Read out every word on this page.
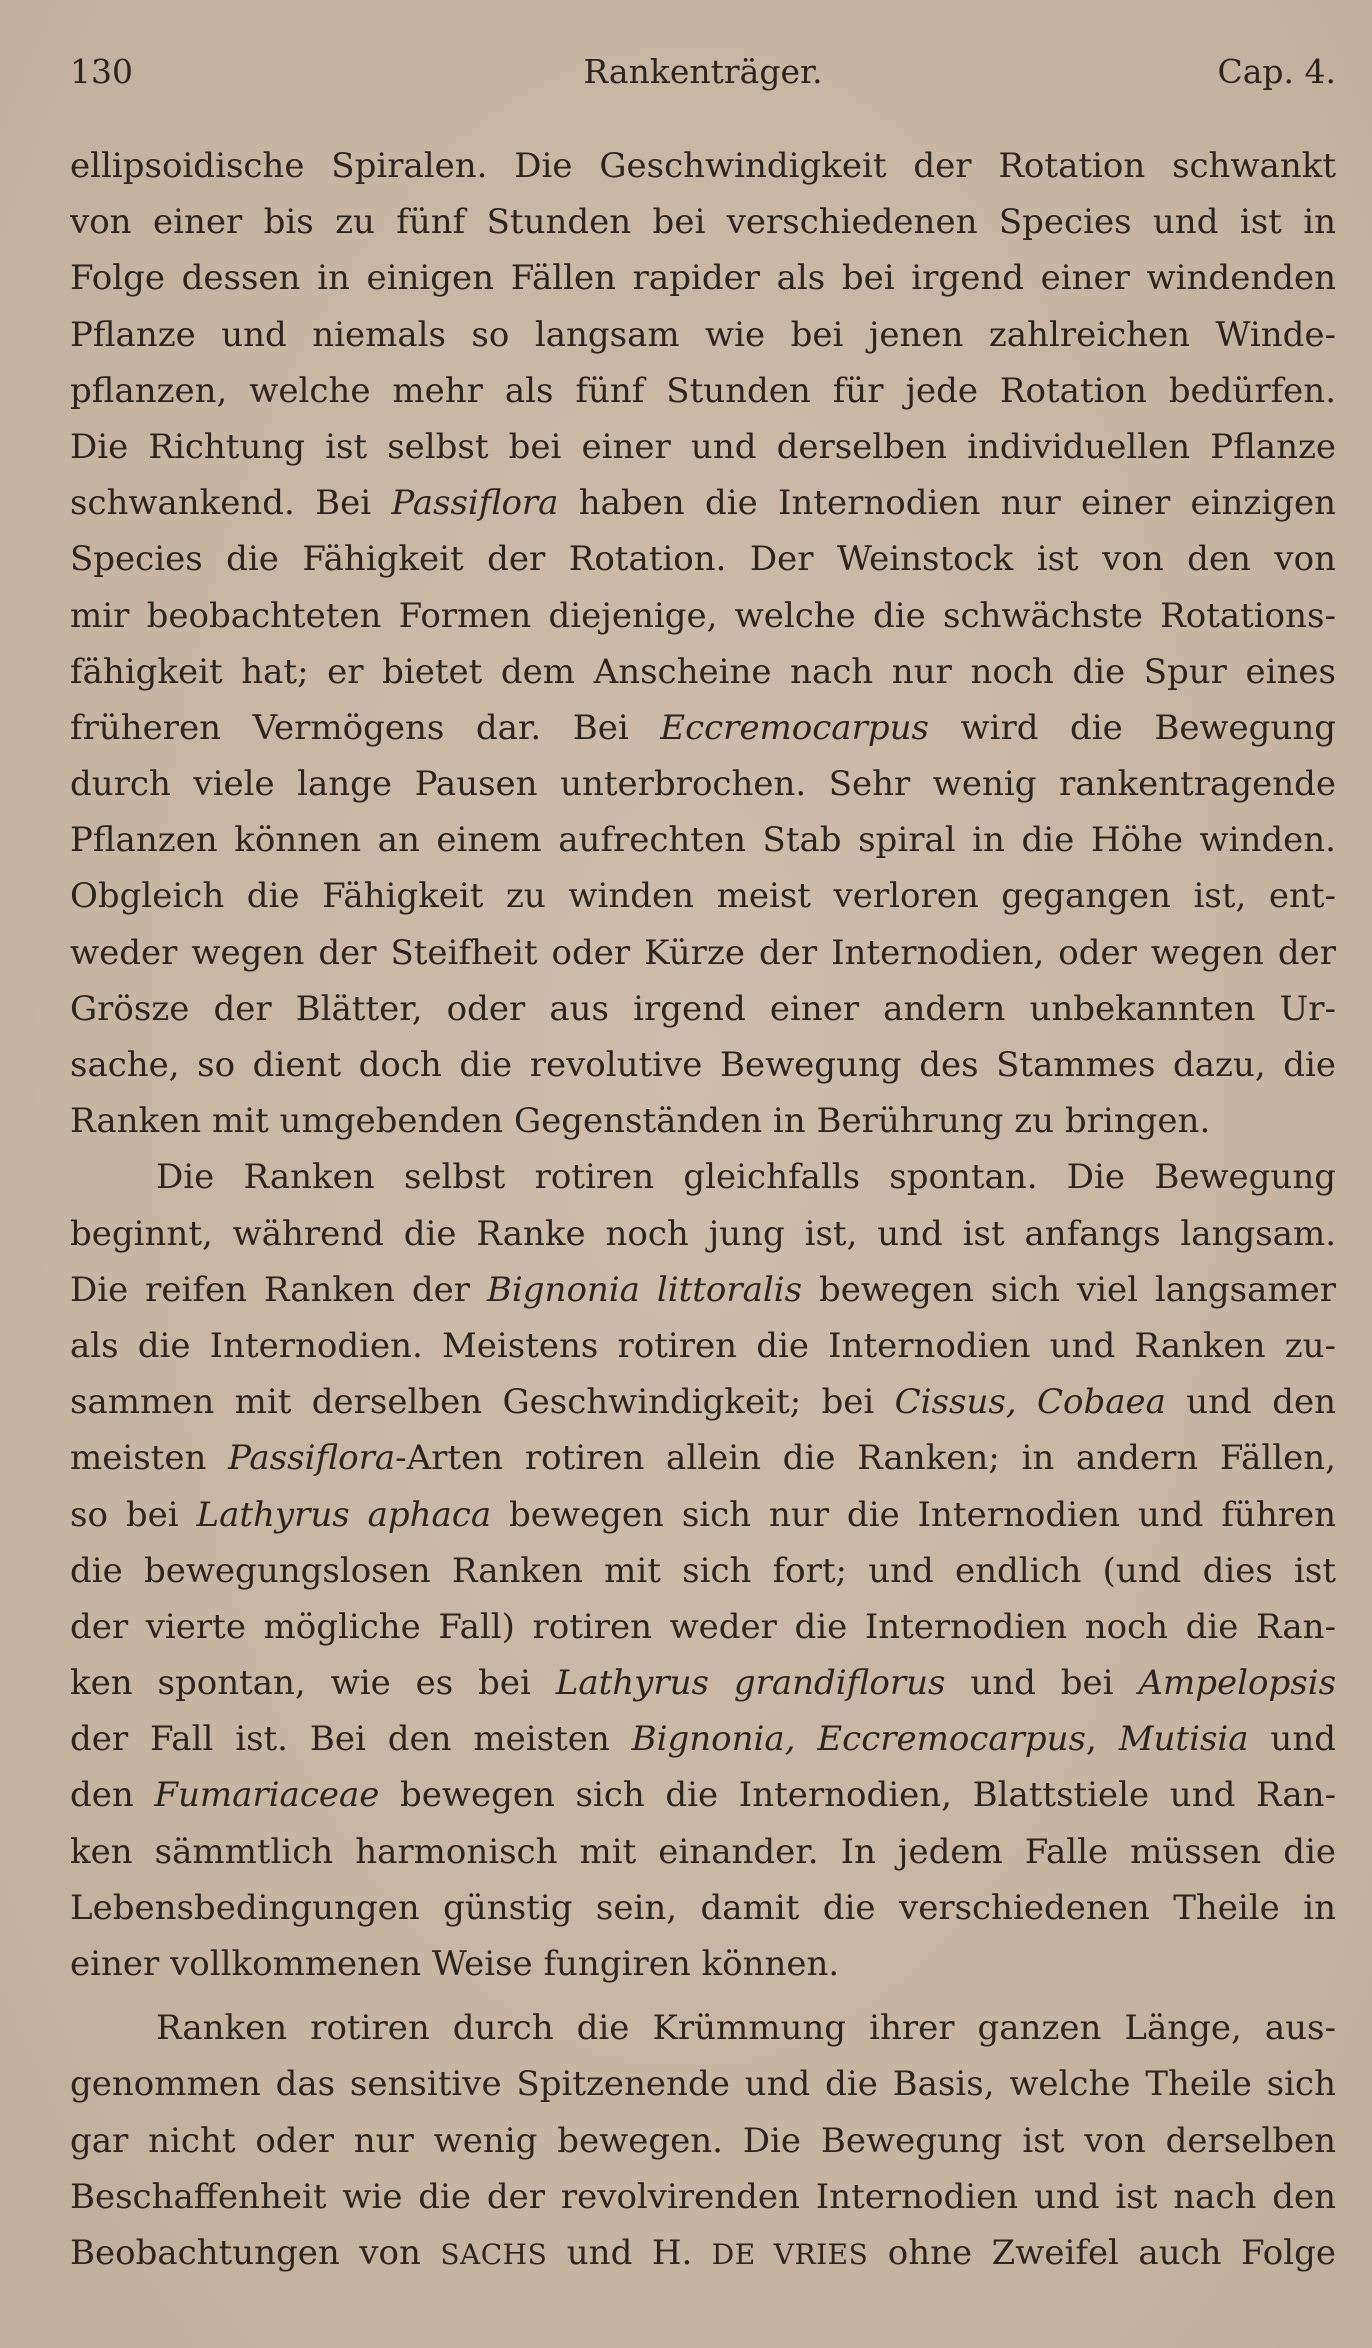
130	Rankenträger.	Cap. 4.
ellipsoidische Spiralen. Die Geschwindigkeit der Rotation schwankt
von einer bis zu fünf Stunden bei verschiedenen Species und ist in
Folge dessen in einigen Fällen rapider als bei irgend einer windenden
Pflanze und niemals so langsam wie bei jenen zahlreichen Winde-
pflanzen, welche mehr als fünf Stunden für jede Rotation bedürfen.
Die Richtung ist selbst bei einer und derselben individuellen Pflanze
schwankend. Bei Passiflora haben die Internodien nur einer einzigen
Species die Fähigkeit der Rotation. Der Weinstock ist von den von
mir beobachteten Formen diejenige, welche die schwächste Rotations-
fähigkeit hat; er bietet dem Anscheine nach nur noch die Spur eines
früheren Vermögens dar. Bei Eccremocarpus wird die Bewegung
durch viele lange Pausen unterbrochen. Sehr wenig rankentragende
Pflanzen können an einem aufrechten Stab spiral in die Höhe winden.
Obgleich die Fähigkeit zu winden meist verloren gegangen ist, ent-
weder wegen der Steifheit oder Kürze der Internodien, oder wegen der
Grösze der Blätter, oder aus irgend einer andern unbekannten Ur-
sache, so dient doch die revolutive Bewegung des Stammes dazu, die
Ranken mit umgebenden Gegenständen in Berührung zu bringen.
Die Ranken selbst rotiren gleichfalls spontan. Die Bewegung
beginnt, während die Ranke noch jung ist, und ist anfangs langsam.
Die reifen Ranken der Bignonia littoralis bewegen sich viel langsamer
als die Internodien. Meistens rotiren die Internodien und Ranken zu-
sammen mit derselben Geschwindigkeit; bei Cissus, Cobaea und den
meisten Passiflora-Arten rotiren allein die Ranken; in andern Fällen,
so bei Lathyrus aphaca bewegen sich nur die Internodien und führen
die bewegungslosen Ranken mit sich fort; und endlich (und dies ist
der vierte mögliche Fall) rotiren weder die Internodien noch die Ran-
ken spontan, wie es bei Lathyrus grandiflorus und bei Ampelopsis
der Fall ist. Bei den meisten Bignonia, Eccremocarpus, Mutisia und
den Fumariaceae bewegen sich die Internodien, Blattstiele und Ran-
ken sämmtlich harmonisch mit einander. In jedem Falle müssen die
Lebensbedingungen günstig sein, damit die verschiedenen Theile in
einer vollkommenen Weise fungiren können.
Ranken rotiren durch die Krümmung ihrer ganzen Länge, aus-
genommen das sensitive Spitzenende und die Basis, welche Theile sich
gar nicht oder nur wenig bewegen. Die Bewegung ist von derselben
Beschaffenheit wie die der revolvirenden Internodien und ist nach den
Beobachtungen von SACHS und H. DE VRIES ohne Zweifel auch Folge
